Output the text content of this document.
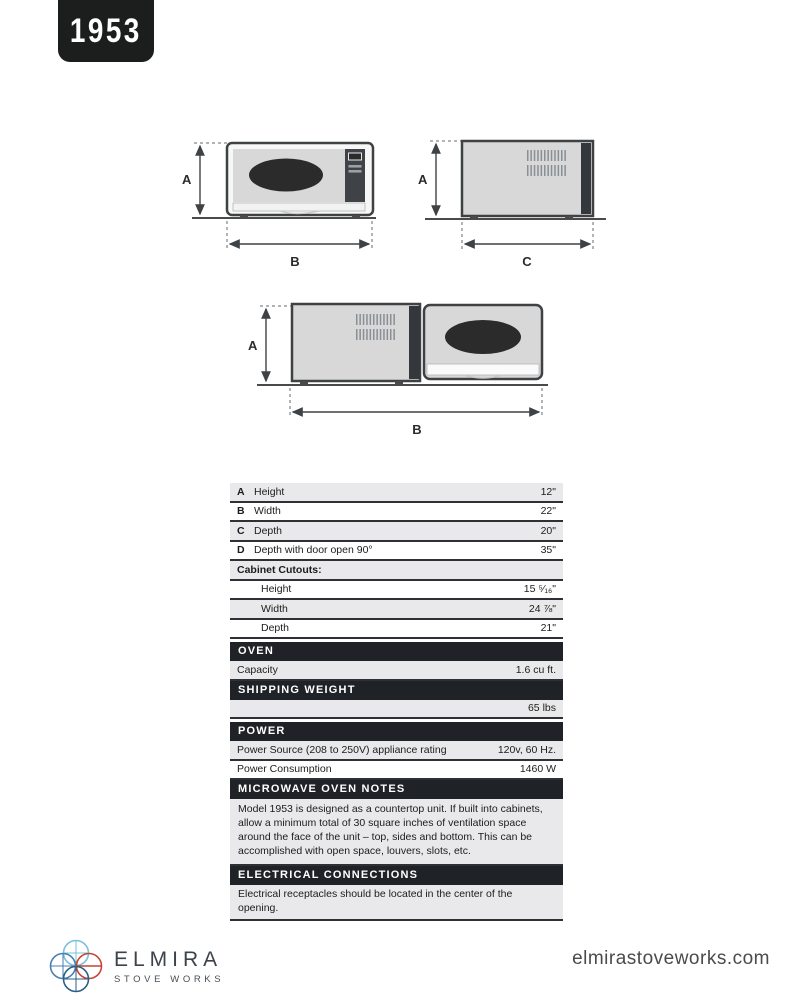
1953
A
B
A
C
A
B
A Height	12"
B Width	22"
C Depth	20"
D Depth with door open 90°	35"
Cabinet Cutouts:
Height	15 ⁵⁄₁₆"
Width	24 ⅞"
Depth	21"
OVEN
Capacity	1.6 cu ft.
SHIPPING WEIGHT
65 lbs
POWER
Power Source (208 to 250V) appliance rating	120v, 60 Hz.
Power Consumption	1460 W
MICROWAVE OVEN NOTES
Model 1953 is designed as a countertop unit. If built into cabinets, allow a minimum total of 30 square inches of ventilation space around the face of the unit – top, sides and bottom. This can be accomplished with open space, louvers, slots, etc.
ELECTRICAL CONNECTIONS
Electrical receptacles should be located in the center of the opening.
ELMIRA
STOVE WORKS
elmirastoveworks.com
